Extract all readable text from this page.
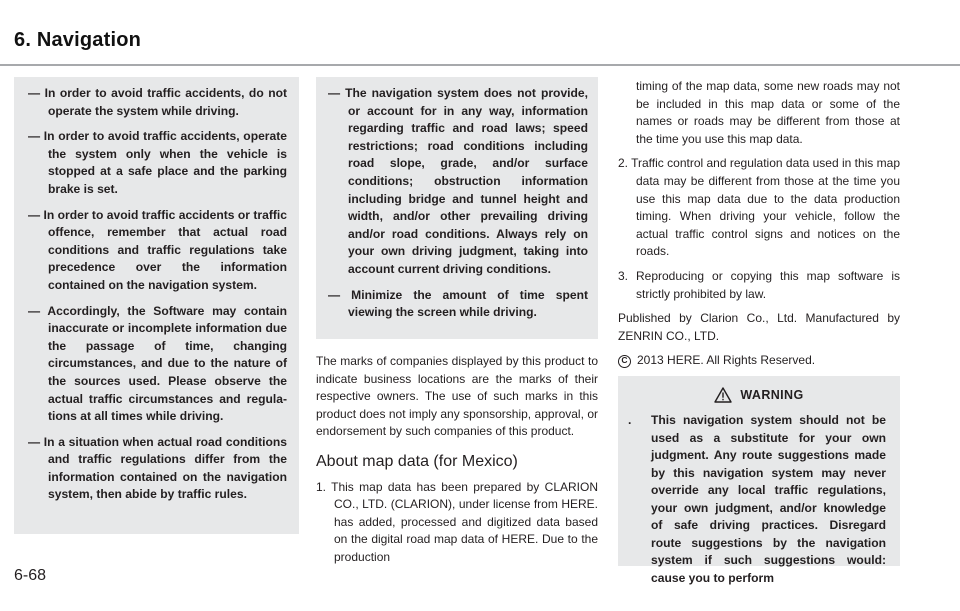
6. Navigation
— In order to avoid traffic accidents, do not operate the system while driving.
— In order to avoid traffic accidents, operate the system only when the vehicle is stopped at a safe place and the parking brake is set.
— In order to avoid traffic accidents or traffic offence, remember that actual road conditions and traffic regulations take precedence over the information contained on the navigation system.
— Accordingly, the Software may contain inaccurate or incomplete information due the passage of time, changing circumstances, and due to the nature of the sources used. Please observe the actual traffic circumstances and regulations at all times while driving.
— In a situation when actual road conditions and traffic regulations differ from the information contained on the navigation system, then abide by traffic rules.
— The navigation system does not provide, or account for in any way, information regarding traffic and road laws; speed restrictions; road conditions including road slope, grade, and/or surface conditions; obstruction information including bridge and tunnel height and width, and/or other prevailing driving and/or road conditions. Always rely on your own driving judgment, taking into account current driving conditions.
— Minimize the amount of time spent viewing the screen while driving.

The marks of companies displayed by this product to indicate business locations are the marks of their respective owners. The use of such marks in this product does not imply any sponsorship, approval, or endorsement by such companies of this product.

About map data (for Mexico)
1. This map data has been prepared by CLARION CO., LTD. (CLARION), under license from HERE. has added, processed and digitized data based on the digital road map data of HERE. Due to the production

timing of the map data, some new roads may not be included in this map data or some of the names or roads may be different from those at the time you use this map data.

2. Traffic control and regulation data used in this map data may be different from those at the time you use this map data due to the data production timing. When driving your vehicle, follow the actual traffic control signs and notices on the roads.
3. Reproducing or copying this map software is strictly prohibited by law.

Published by Clarion Co., Ltd. Manufactured by ZENRIN CO., LTD.

C 2013 HERE. All Rights Reserved.
WARNING
. This navigation system should not be used as a substitute for your own judgment. Any route suggestions made by this navigation system may never override any local traffic regulations, your own judgment, and/or knowledge of safe driving practices. Disregard route suggestions by the navigation system if such suggestions would: cause you to perform
6-68
